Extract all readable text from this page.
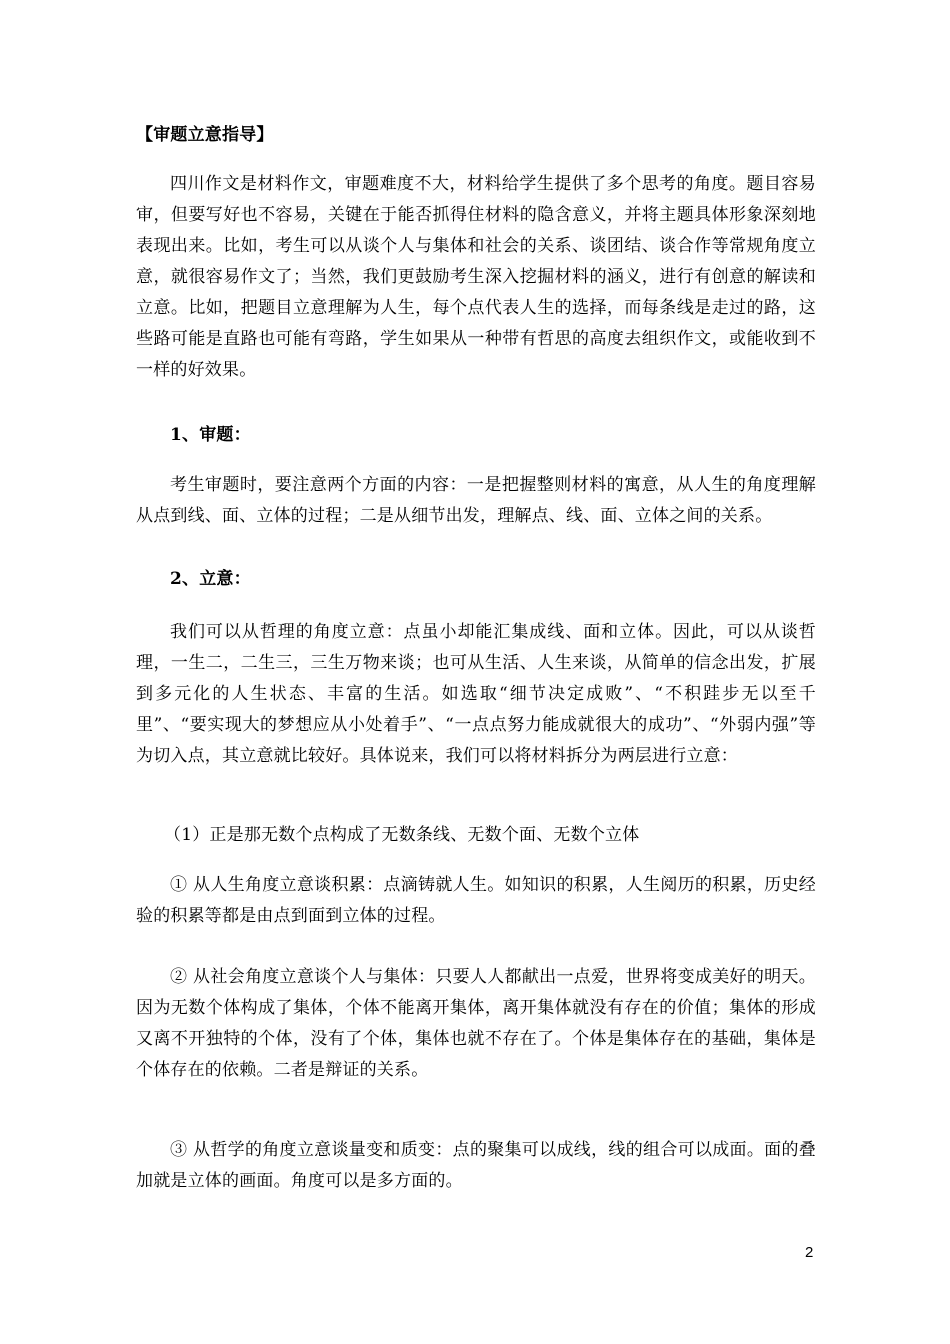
【审题立意指导】
四川作文是材料作文，审题难度不大，材料给学生提供了多个思考的角度。题目容易审，但要写好也不容易，关键在于能否抓得住材料的隐含意义，并将主题具体形象深刻地表现出来。比如，考生可以从谈个人与集体和社会的关系、谈团结、谈合作等常规角度立意，就很容易作文了；当然，我们更鼓励考生深入挖掘材料的涵义，进行有创意的解读和立意。比如，把题目立意理解为人生，每个点代表人生的选择，而每条线是走过的路，这些路可能是直路也可能有弯路，学生如果从一种带有哲思的高度去组织作文，或能收到不一样的好效果。
1、审题：
考生审题时，要注意两个方面的内容：一是把握整则材料的寓意，从人生的角度理解从点到线、面、立体的过程；二是从细节出发，理解点、线、面、立体之间的关系。
2、立意：
我们可以从哲理的角度立意：点虽小却能汇集成线、面和立体。因此，可以从谈哲理，一生二，二生三，三生万物来谈；也可从生活、人生来谈，从简单的信念出发，扩展到多元化的人生状态、丰富的生活。如选取“细节决定成败”、“不积跬步无以至千里”、“要实现大的梦想应从小处着手”、“一点点努力能成就很大的成功”、“外弱内强”等为切入点，其立意就比较好。具体说来，我们可以将材料拆分为两层进行立意：
（1）正是那无数个点构成了无数条线、无数个面、无数个立体
① 从人生角度立意谈积累：点滴铸就人生。如知识的积累，人生阅历的积累，历史经验的积累等都是由点到面到立体的过程。
② 从社会角度立意谈个人与集体：只要人人都献出一点爱，世界将变成美好的明天。因为无数个体构成了集体，个体不能离开集体，离开集体就没有存在的价值；集体的形成又离不开独特的个体，没有了个体，集体也就不存在了。个体是集体存在的基础，集体是个体存在的依赖。二者是辩证的关系。
③ 从哲学的角度立意谈量变和质变：点的聚集可以成线，线的组合可以成面。面的叠加就是立体的画面。角度可以是多方面的。
2
